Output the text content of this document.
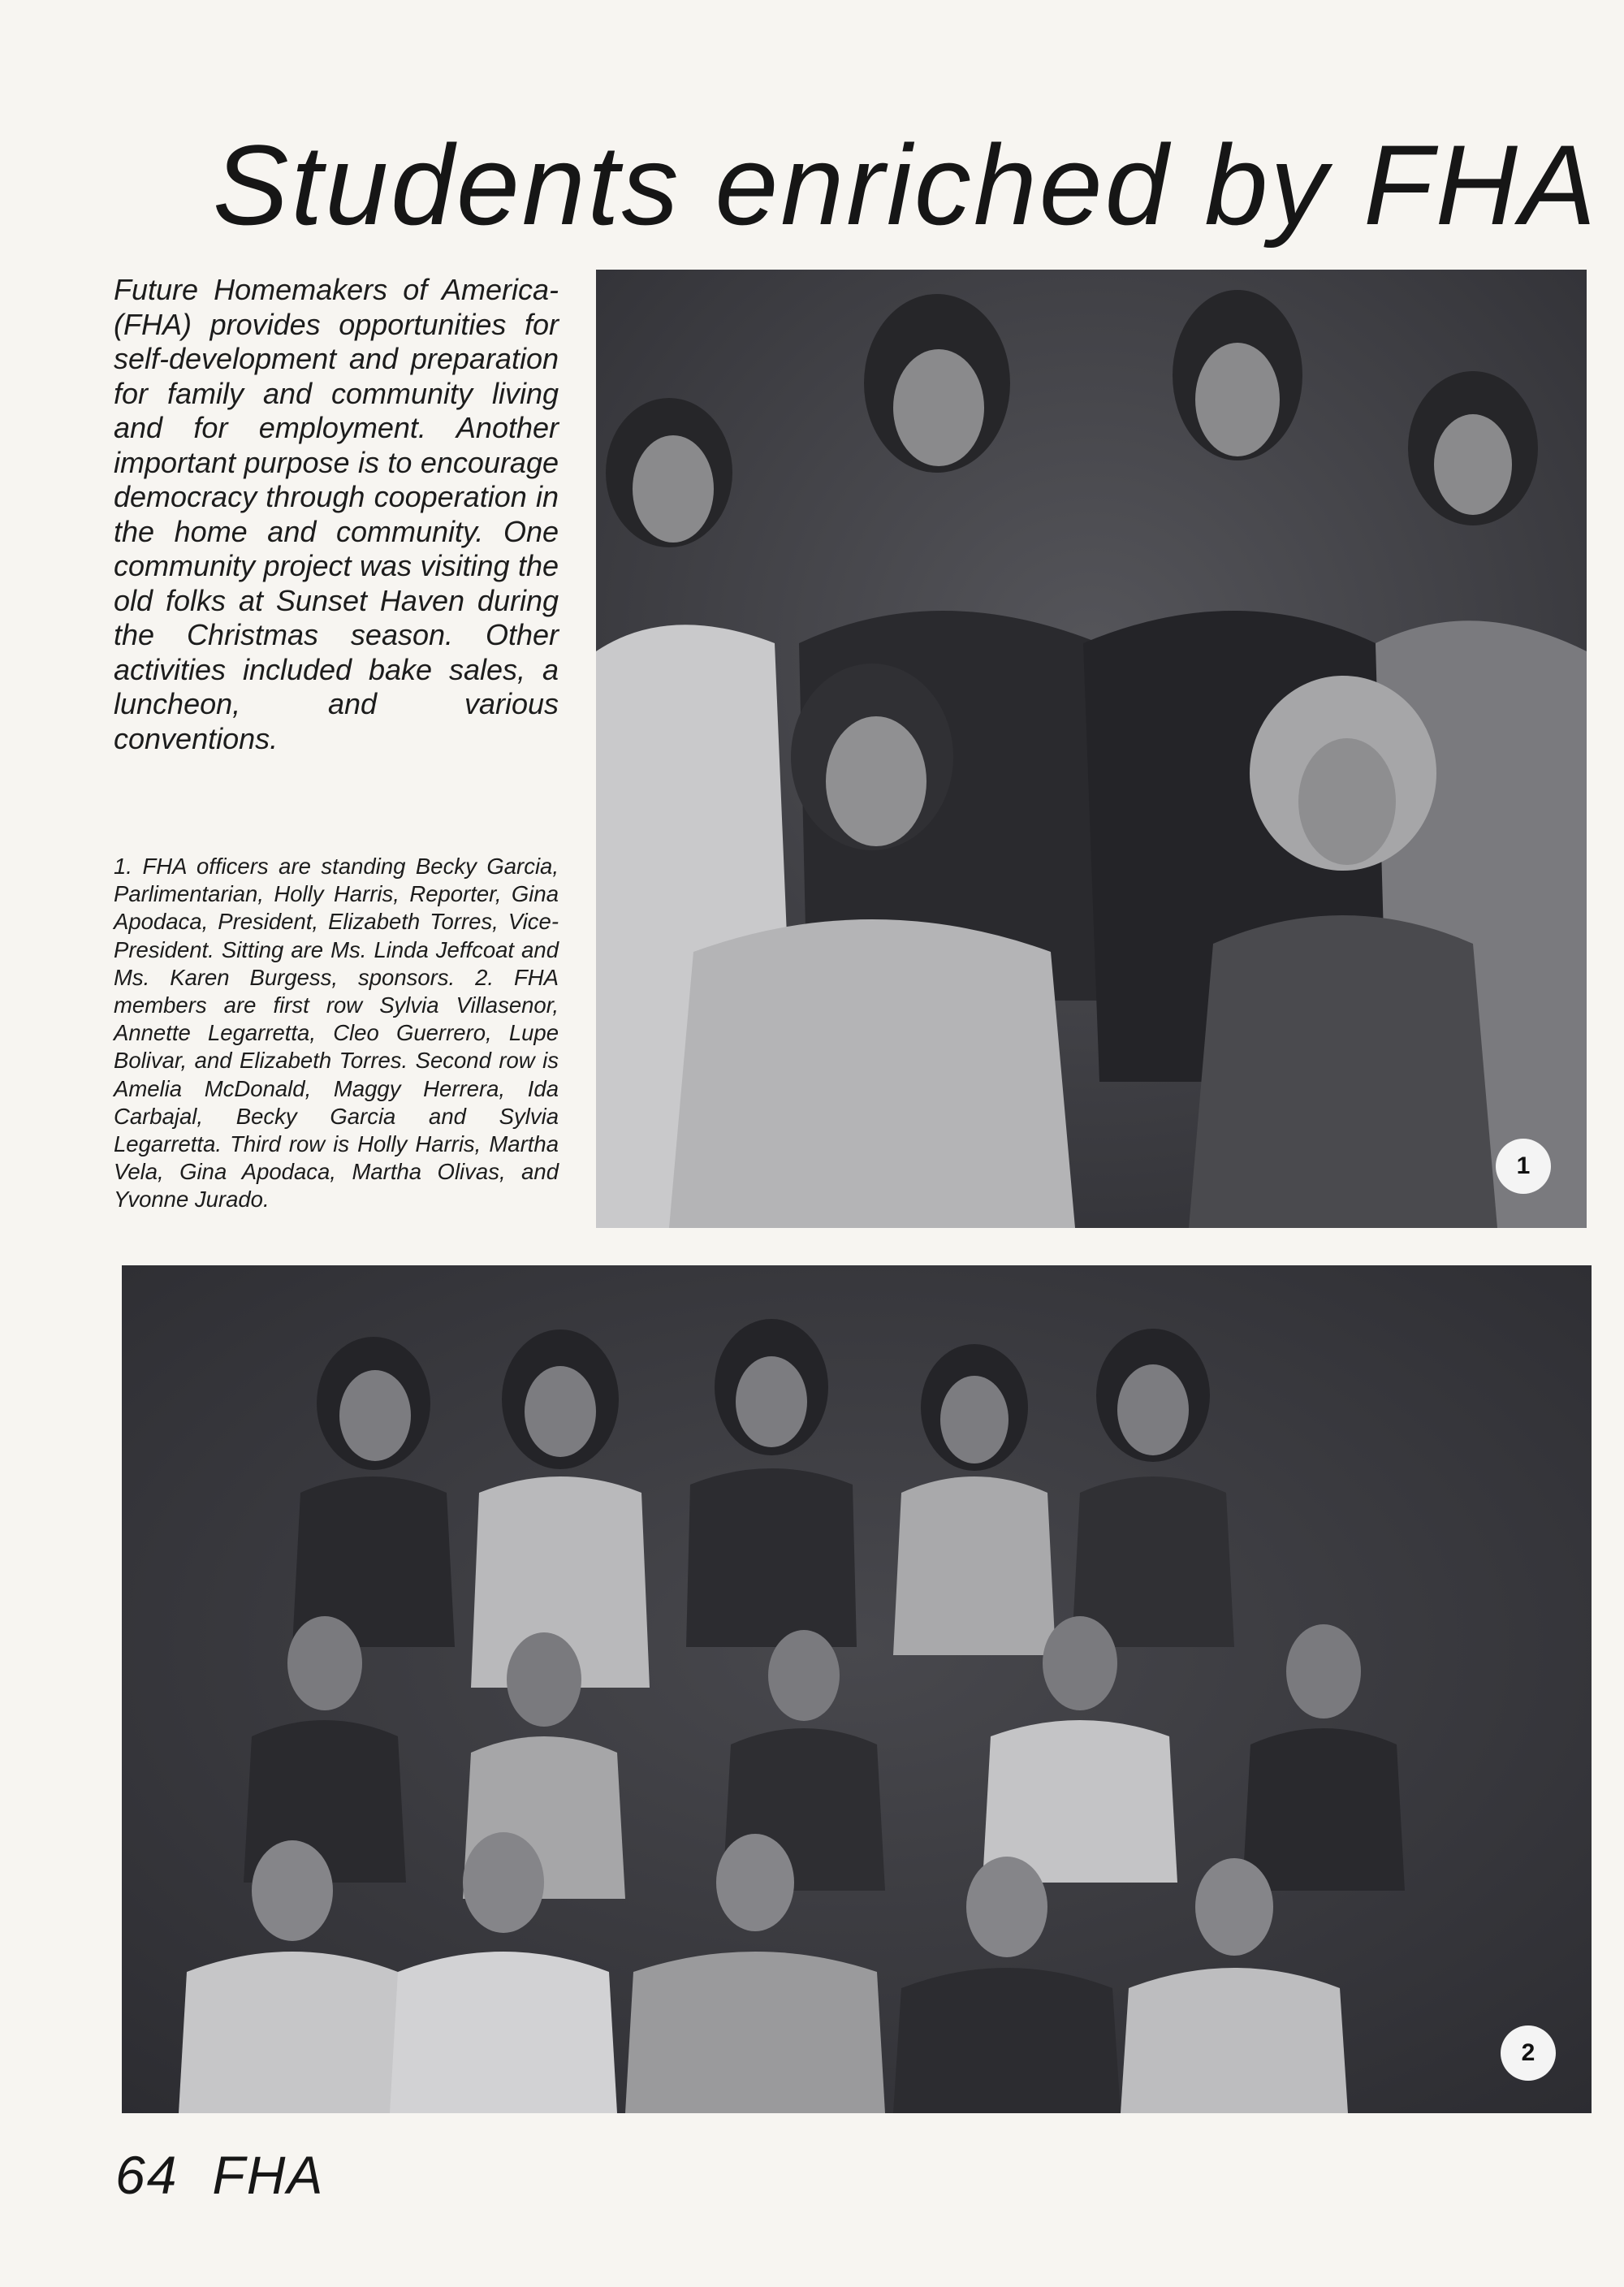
Students enriched by FHA

Future Homemakers of America-(FHA) provides opportunities for self-development and preparation for family and community living and for employment. Another important purpose is to encourage democracy through cooperation in the home and community. One community project was visiting the old folks at Sunset Haven during the Christmas season. Other activities included bake sales, a luncheon, and various conventions.

1. FHA officers are standing Becky Garcia, Parlimentarian, Holly Harris, Reporter, Gina Apodaca, President, Elizabeth Torres, Vice-President. Sitting are Ms. Linda Jeffcoat and Ms. Karen Burgess, sponsors. 2. FHA members are first row Sylvia Villasenor, Annette Legarretta, Cleo Guerrero, Lupe Bolivar, and Elizabeth Torres. Second row is Amelia McDonald, Maggy Herrera, Ida Carbajal, Becky Garcia and Sylvia Legarretta. Third row is Holly Harris, Martha Vela, Gina Apodaca, Martha Olivas, and Yvonne Jurado.

1
2
64 FHA
